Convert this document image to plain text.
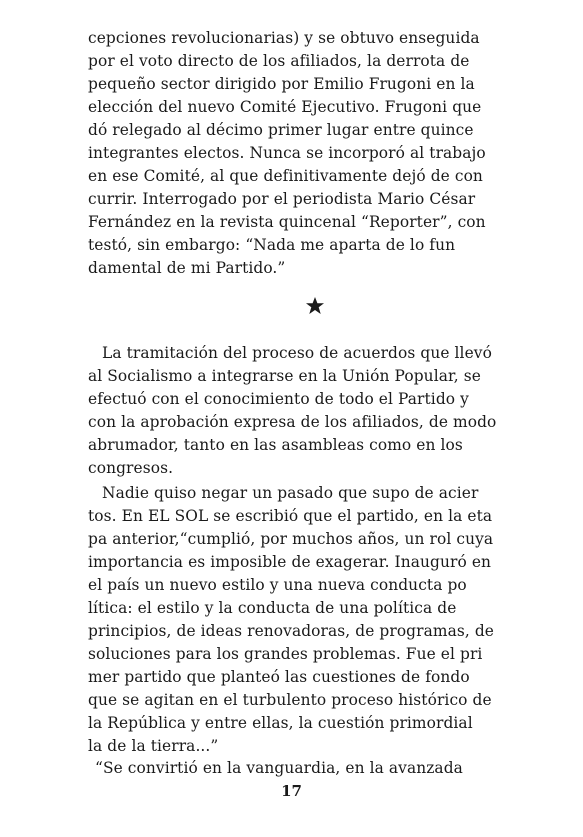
cepciones revolucionarias) y se obtuvo enseguida
por el voto directo de los afiliados, la derrota de
pequeño sector dirigido por Emilio Frugoni en la
elección del nuevo Comité Ejecutivo. Frugoni que
dó relegado al décimo primer lugar entre quince
integrantes electos. Nunca se incorporó al trabajo
en ese Comité, al que definitivamente dejó de con
currir. Interrogado por el periodista Mario César
Fernández en la revista quincenal “Reporter”, con
testó, sin embargo: “Nada me aparta de lo fun
damental de mi Partido.”
La tramitación del proceso de acuerdos que llevó
al Socialismo a integrarse en la Unión Popular, se
efectuó con el conocimiento de todo el Partido y
con la aprobación expresa de los afiliados, de modo
abrumador, tanto en las asambleas como en los
congresos.
Nadie quiso negar un pasado que supo de acier
tos. En EL SOL se escribió que el partido, en la eta
pa anterior,“cumplió, por muchos años, un rol cuya
importancia es imposible de exagerar. Inauguró en
el país un nuevo estilo y una nueva conducta po
lítica: el estilo y la conducta de una política de
principios, de ideas renovadoras, de programas, de
soluciones para los grandes problemas. Fue el pri
mer partido que planteó las cuestiones de fondo
que se agitan en el turbulento proceso histórico de
la República y entre ellas, la cuestión primordial
la de la tierra...”
“Se convirtió en la vanguardia, en la avanzada
17
